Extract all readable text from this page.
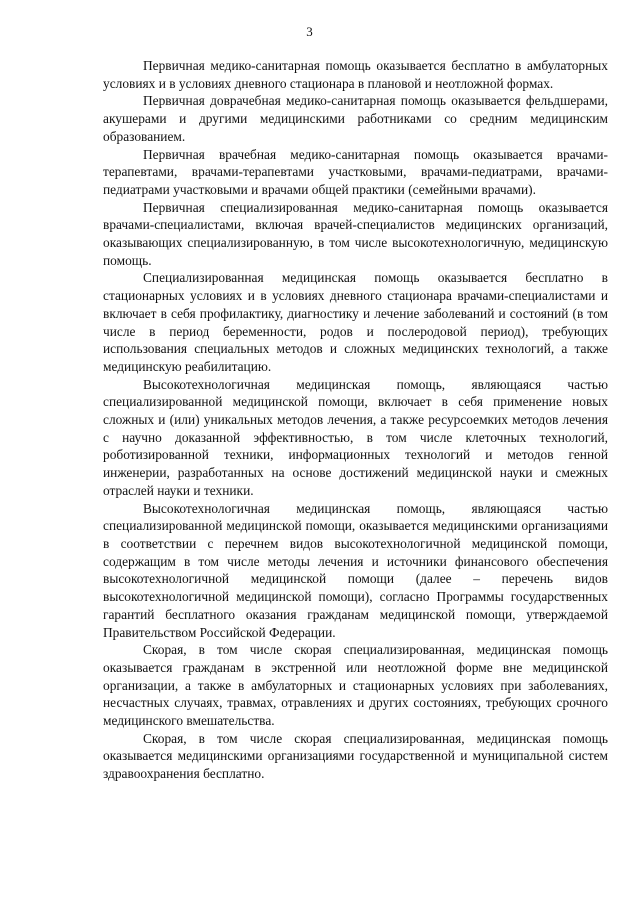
3

Первичная медико-санитарная помощь оказывается бесплатно в амбулаторных условиях и в условиях дневного стационара в плановой и неотложной формах.

Первичная доврачебная медико-санитарная помощь оказывается фельдшерами, акушерами и другими медицинскими работниками со средним медицинским образованием.

Первичная врачебная медико-санитарная помощь оказывается врачами-терапевтами, врачами-терапевтами участковыми, врачами-педиатрами, врачами-педиатрами участковыми и врачами общей практики (семейными врачами).

Первичная специализированная медико-санитарная помощь оказывается врачами-специалистами, включая врачей-специалистов медицинских организаций, оказывающих специализированную, в том числе высокотехнологичную, медицинскую помощь.

Специализированная медицинская помощь оказывается бесплатно в стационарных условиях и в условиях дневного стационара врачами-специалистами и включает в себя профилактику, диагностику и лечение заболеваний и состояний (в том числе в период беременности, родов и послеродовой период), требующих использования специальных методов и сложных медицинских технологий, а также медицинскую реабилитацию.

Высокотехнологичная медицинская помощь, являющаяся частью специализированной медицинской помощи, включает в себя применение новых сложных и (или) уникальных методов лечения, а также ресурсоемких методов лечения с научно доказанной эффективностью, в том числе клеточных технологий, роботизированной техники, информационных технологий и методов генной инженерии, разработанных на основе достижений медицинской науки и смежных отраслей науки и техники.

Высокотехнологичная медицинская помощь, являющаяся частью специализированной медицинской помощи, оказывается медицинскими организациями в соответствии с перечнем видов высокотехнологичной медицинской помощи, содержащим в том числе методы лечения и источники финансового обеспечения высокотехнологичной медицинской помощи (далее – перечень видов высокотехнологичной медицинской помощи), согласно Программы государственных гарантий бесплатного оказания гражданам медицинской помощи, утверждаемой Правительством Российской Федерации.

Скорая, в том числе скорая специализированная, медицинская помощь оказывается гражданам в экстренной или неотложной форме вне медицинской организации, а также в амбулаторных и стационарных условиях при заболеваниях, несчастных случаях, травмах, отравлениях и других состояниях, требующих срочного медицинского вмешательства.

Скорая, в том числе скорая специализированная, медицинская помощь оказывается медицинскими организациями государственной и муниципальной систем здравоохранения бесплатно.
